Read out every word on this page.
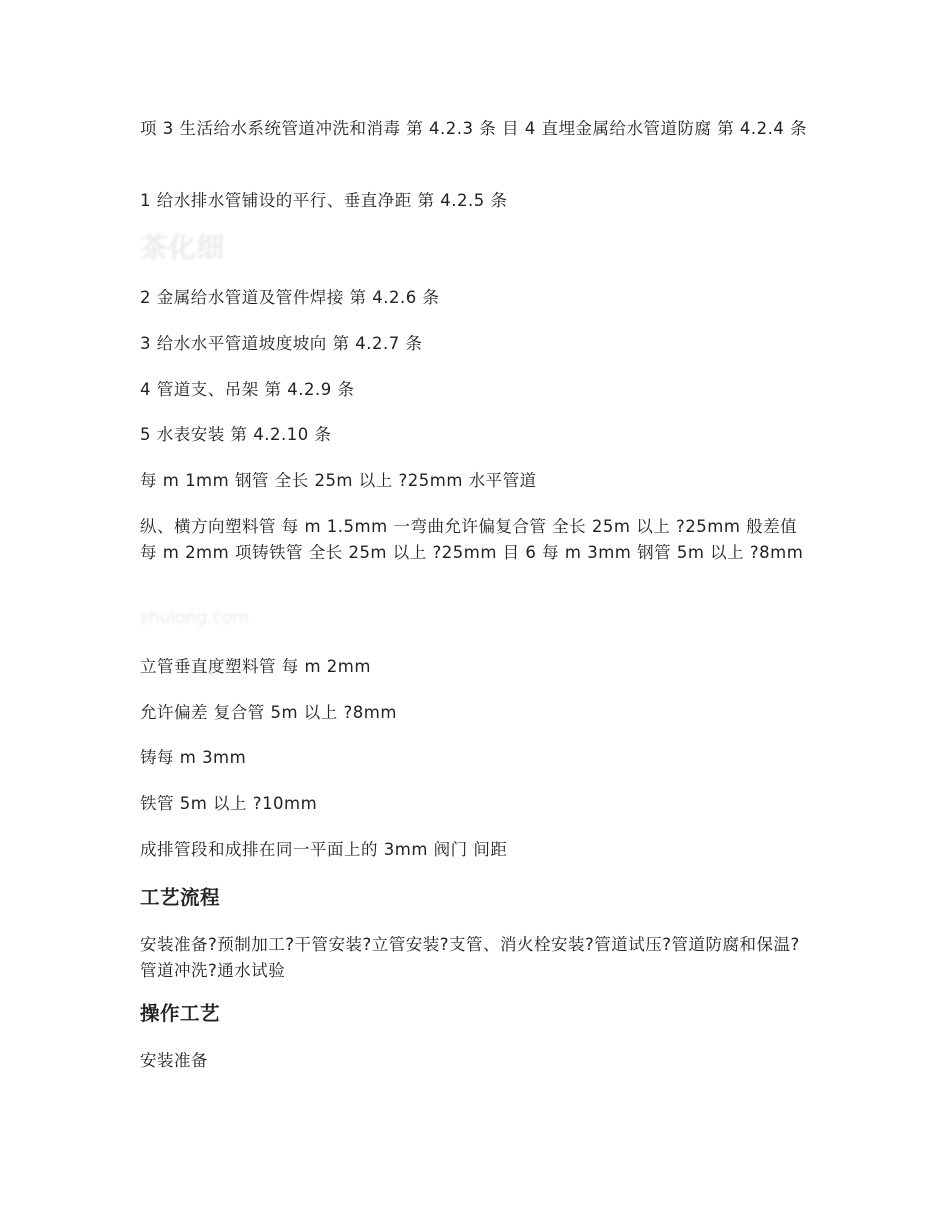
茶化细
zhulong.com

项 3 生活给水系统管道冲洗和消毒 第 4.2.3 条 目 4 直埋金属给水管道防腐 第 4.2.4 条

1 给水排水管铺设的平行、垂直净距 第 4.2.5 条

2 金属给水管道及管件焊接 第 4.2.6 条

3 给水水平管道坡度坡向 第 4.2.7 条

4 管道支、吊架 第 4.2.9 条

5 水表安装 第 4.2.10 条

每 m 1mm 钢管 全长 25m 以上 ?25mm 水平管道

纵、横方向塑料管 每 m 1.5mm 一弯曲允许偏复合管 全长 25m 以上 ?25mm 般差值 每 m 2mm 项铸铁管 全长 25m 以上 ?25mm 目 6 每 m 3mm 钢管 5m 以上 ?8mm

立管垂直度塑料管 每 m 2mm

允许偏差 复合管 5m 以上 ?8mm

铸每 m 3mm

铁管 5m 以上 ?10mm

成排管段和成排在同一平面上的 3mm 阀门 间距

工艺流程

安装准备?预制加工?干管安装?立管安装?支管、消火栓安装?管道试压?管道防腐和保温?管道冲洗?通水试验

操作工艺

安装准备
